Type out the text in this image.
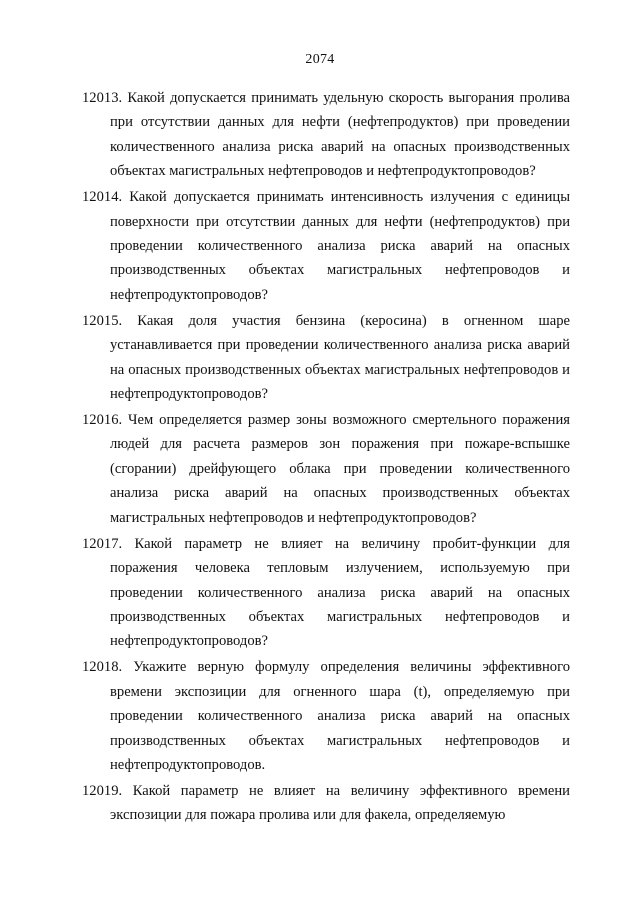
2074
12013. Какой допускается принимать удельную скорость выгорания пролива при отсутствии данных для нефти (нефтепродуктов) при проведении количественного анализа риска аварий на опасных производственных объектах магистральных нефтепроводов и нефтепродуктопроводов?
12014. Какой допускается принимать интенсивность излучения с единицы поверхности при отсутствии данных для нефти (нефтепродуктов) при проведении количественного анализа риска аварий на опасных производственных объектах магистральных нефтепроводов и нефтепродуктопроводов?
12015. Какая доля участия бензина (керосина) в огненном шаре устанавливается при проведении количественного анализа риска аварий на опасных производственных объектах магистральных нефтепроводов и нефтепродуктопроводов?
12016. Чем определяется размер зоны возможного смертельного поражения людей для расчета размеров зон поражения при пожаре-вспышке (сгорании) дрейфующего облака при проведении количественного анализа риска аварий на опасных производственных объектах магистральных нефтепроводов и нефтепродуктопроводов?
12017. Какой параметр не влияет на величину пробит-функции для поражения человека тепловым излучением, используемую при проведении количественного анализа риска аварий на опасных производственных объектах магистральных нефтепроводов и нефтепродуктопроводов?
12018. Укажите верную формулу определения величины эффективного времени экспозиции для огненного шара (t), определяемую при проведении количественного анализа риска аварий на опасных производственных объектах магистральных нефтепроводов и нефтепродуктопроводов.
12019. Какой параметр не влияет на величину эффективного времени экспозиции для пожара пролива или для факела, определяемую
